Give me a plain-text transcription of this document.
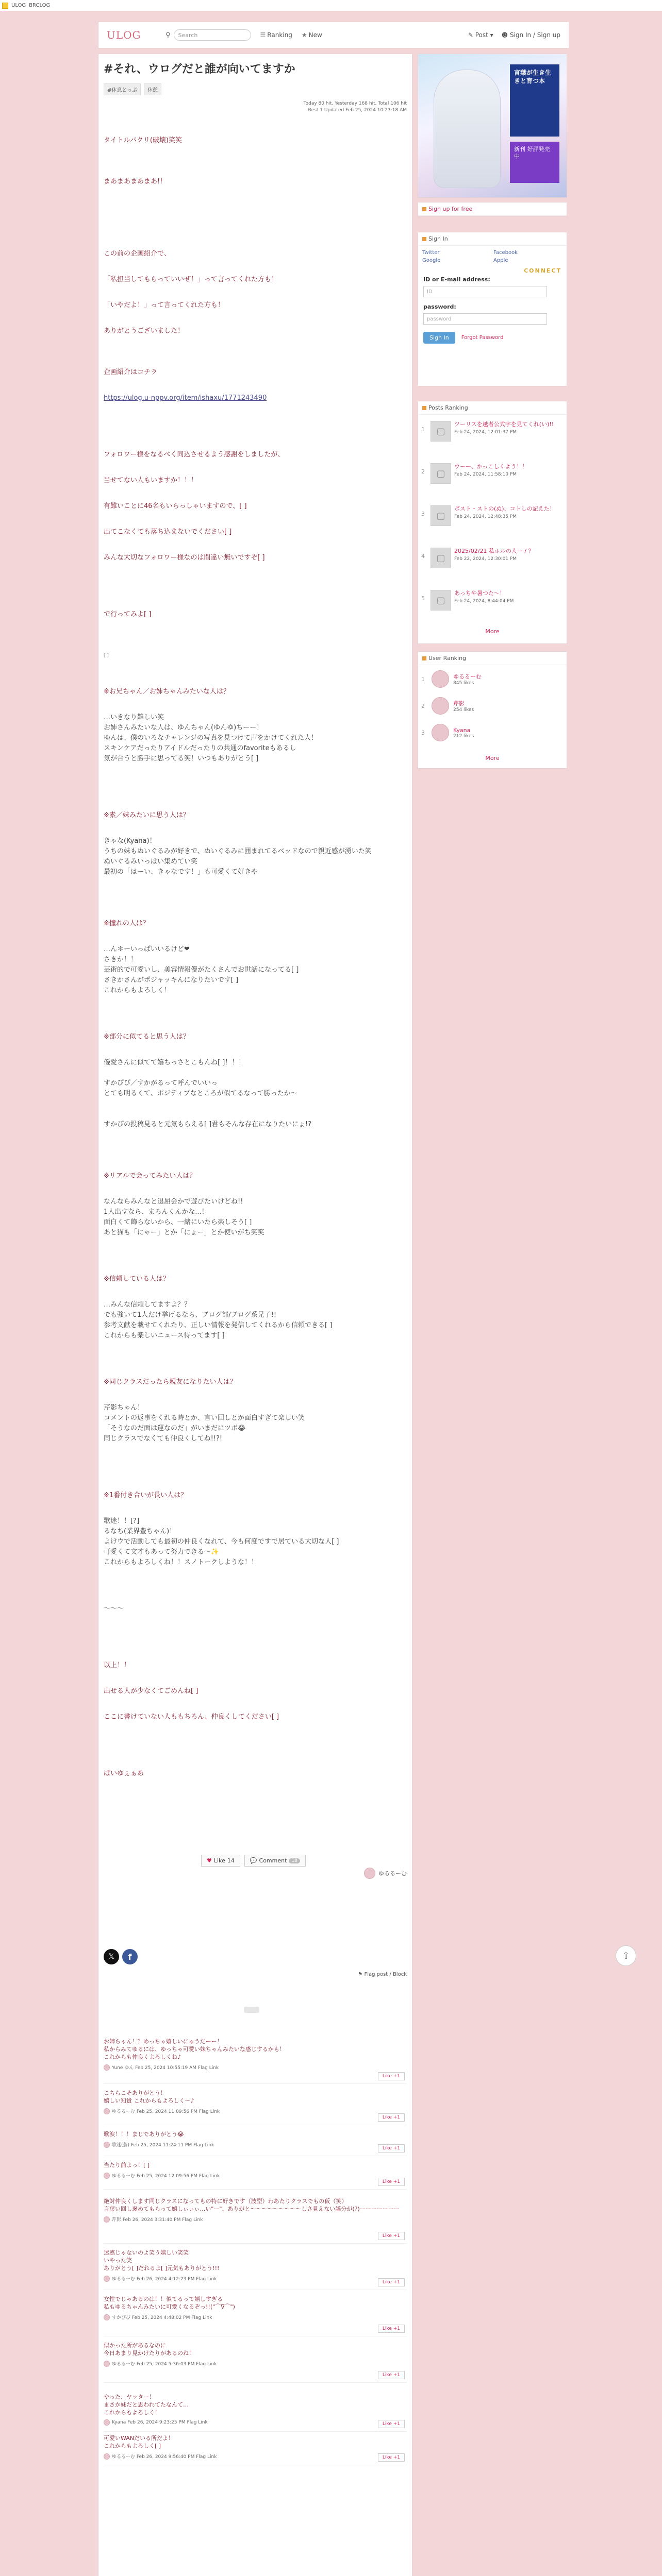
ULOG BRCLOG
ULOG	⚲	Search	☰ Ranking ★ New	✎ Post ▾ ☻ Sign In / Sign up
#それ、ウログだと誰が向いてますか
#休息とっぷ	休憩
Today 80 hit, Yesterday 168 hit, Total 106 hit
Best 1 Updated Feb 25, 2024 10:23:18 AM
タイトルパクリ(破壊)笑笑
まあまあまあまあ!!
この前の企画紹介で、
「私担当してもらっていいぜ！」って言ってくれた方も！
「いやだよ！」って言ってくれた方も！
ありがとうございました！
企画紹介はコチラ
https://ulog.u-nppv.org/item/ishaxu/1771243490
フォロワー様をなるべく同込させるよう感謝をしましたが、
当せてない人もいますか！！！
有難いことに46名もいらっしゃいますので、[ ]
出てこなくても落ち込まないでください[ ]
みんな大切なフォロワー様なのは間違い無いですぞ[ ]
で行ってみよ[ ]
[ ]
※お兄ちゃん／お姉ちゃんみたいな人は？
…いきなり難しい笑
お姉さんみたいな人は、ゆんちゃん(ゆんゆ)ちーー！
ゆんは、僕のいろなチャレンジの写真を見つけて声をかけてくれた人！
スキンケアだったりアイドルだったりの共通のfavoriteもあるし
気が合うと勝手に思ってる笑！いつもありがとう[ ]
※素／妹みたいに思う人は？
きゃな(Kyana)！
うちの妹もぬいぐるみが好きで、ぬいぐるみに囲まれてるベッドなので親近感が湧いた笑
ぬいぐるみいっぱい集めてい笑
最初の「はーい、きゃなです！」も可愛くて好きや
※憧れの人は？
…ん＊ーいっぱいいるけど❤
さきか！！
芸術的で可愛いし、美容情報優がたくさんでお世話になってる[ ]
さきかさんがポジャッキんになりたいです[ ]
これからもよろしく！
※部分に似てると思う人は？
優愛さんに似てて嬉ちっさとこもんね[ ]！！！
すかぴぴ／すかがるって呼んでいいっ
とても明るくて、ポジティブなところが似てるなって勝ったか〜
すかぴの投稿見ると元気もらえる[ ]君もそんな存在になりたいにょ!?
※リアルで会ってみたい人は？
なんならみんなと退屈会かで遊びたいけどね!!
1人出すなら、まろんくんかな...！
面白くて飾らないから、一緒にいたら楽しそう[ ]
あと猫も「にゃー」とか「にょー」とか使いがち笑笑
※信頼している人は？
…みんな信頼してますよ？？
でも強いて1人だけ挙げるなら、ブログ部/ブログ系兄子!!
参考文献を載せてくれたり、正しい情報を発信してくれるから信頼できる[ ]
これからも楽しいニュース待ってます[ ]
※同じクラスだったら親友になりたい人は？
芹影ちゃん！
コメントの返事をくれる時とか、言い回しとか面白すぎて楽しい笑
「そうなのだ面は運なのだ」がいまだにツボ😂
同じクラスでなくても仲良くしてね!!?!
※1番付き合いが長い人は？
歌迷！！[?]
るなち(業界豊ちゃん)！
よけウで活動しても最初の仲良くなれて、今も何度ですで居ている大切な人[ ]
可愛くて文才もあって努力できる〜✨
これからもよろしくね！！スノトークしような！！
〜〜〜
以上！！
出せる人が少なくてごめんね[ ]
ここに書けていない人ももちろん、仲良くしてください[ ]
ばいゆぇぁあ
ゆるるーむ
𝕏	f
⚑ Flag post / Block
お姉ちゃん！？めっちゃ嬉しいにゅうだーー！
私からみてゆるには、ゆっちゃ可愛い妹ちゃんみたいな感じするかも！
これからも仲良くよろしくね♪
Yune ゆん Feb 25, 2024 10:55:19 AM Flag Link
Like +1
こちらこそありがとう！
嬉しい知貴 これからもよろしく〜♪
ゆるるーむ Feb 25, 2024 11:09:56 PM Flag Link
Like +1
歌涙！！！まじでありがとう😭
歌迷(蒼) Feb 25, 2024 11:24:11 PM Flag Link
Like +1
当たり前よっ！[ ]
ゆるるーむ Feb 25, 2024 12:09:56 PM Flag Link
Like +1
絶対仲良くします同じクラスになってもの特に好きです（波型）わあたりクラスでもの仮（笑）
言葉い回し褒めてもらって嬉しぃぃぃ...い"ー"、ありがと〜〜〜〜〜〜〜〜〜しさ見えない謡分が(?)ーーーーーーー
芹影 Feb 26, 2024 3:31:40 PM Flag Link
Like +1
迷惑じゃないのよ笑う嬉しい笑笑
いやった笑
ありがとう[ ]だれるよ[ ]元気もありがとう!!!
ゆるるーむ Feb 26, 2024 4:12:23 PM Flag Link
Like +1
女性でじゃあるのは！！似てるって嬉しすぎる
私もゆるちゃんみたいに可愛くなるぞっ!!("⌒∇⌒")
すかぴぴ Feb 25, 2024 4:48:02 PM Flag Link
Like +1
似かった所があるなのに
今日あまり見かけたりがあるのね！
ゆるるーむ Feb 25, 2024 5:36:03 PM Flag Link
Like +1
やった、ヤッター！
まさか妹だと思われてたなんて…
これからもよろしく！
Kyana Feb 26, 2024 9:23:25 PM Flag Link	Like +1
可愛いWANだいる所だよ！
これからもよろしく[ ]
ゆるるーむ Feb 26, 2024 9:56:40 PM Flag Link	Like +1
♥ Like 14	💬 Comment	18
言葉が生き生きと育つ本
新刊 好評発売中
Sign up for free
Sign In
Twitter	Facebook
Google	Apple
CONNECT
ID or E-mail address:
ID
password:
password
Sign In	Forgot Password
Posts Ranking
1	▢
ツーリスを越者公式字を見てくれ(い)!!
Feb 24, 2024, 12:01:37 PM
2	▢
ウーー、かっこしくよう！！
Feb 24, 2024, 11:58:10 PM
3	▢
ボスト・ストの(ぬ)、コトしの記えた！
Feb 24, 2024, 12:48:35 PM
4	▢
2025/02/21 私ホルの人ー / ？
Feb 22, 2024, 12:30:01 PM
5	▢
あっちや暑つた〜！
Feb 24, 2024, 8:44:04 PM
More
User Ranking
1	ゆるるーむ
845 likes
2	芹影
254 likes
3	Kyana
212 likes
More
⇧
